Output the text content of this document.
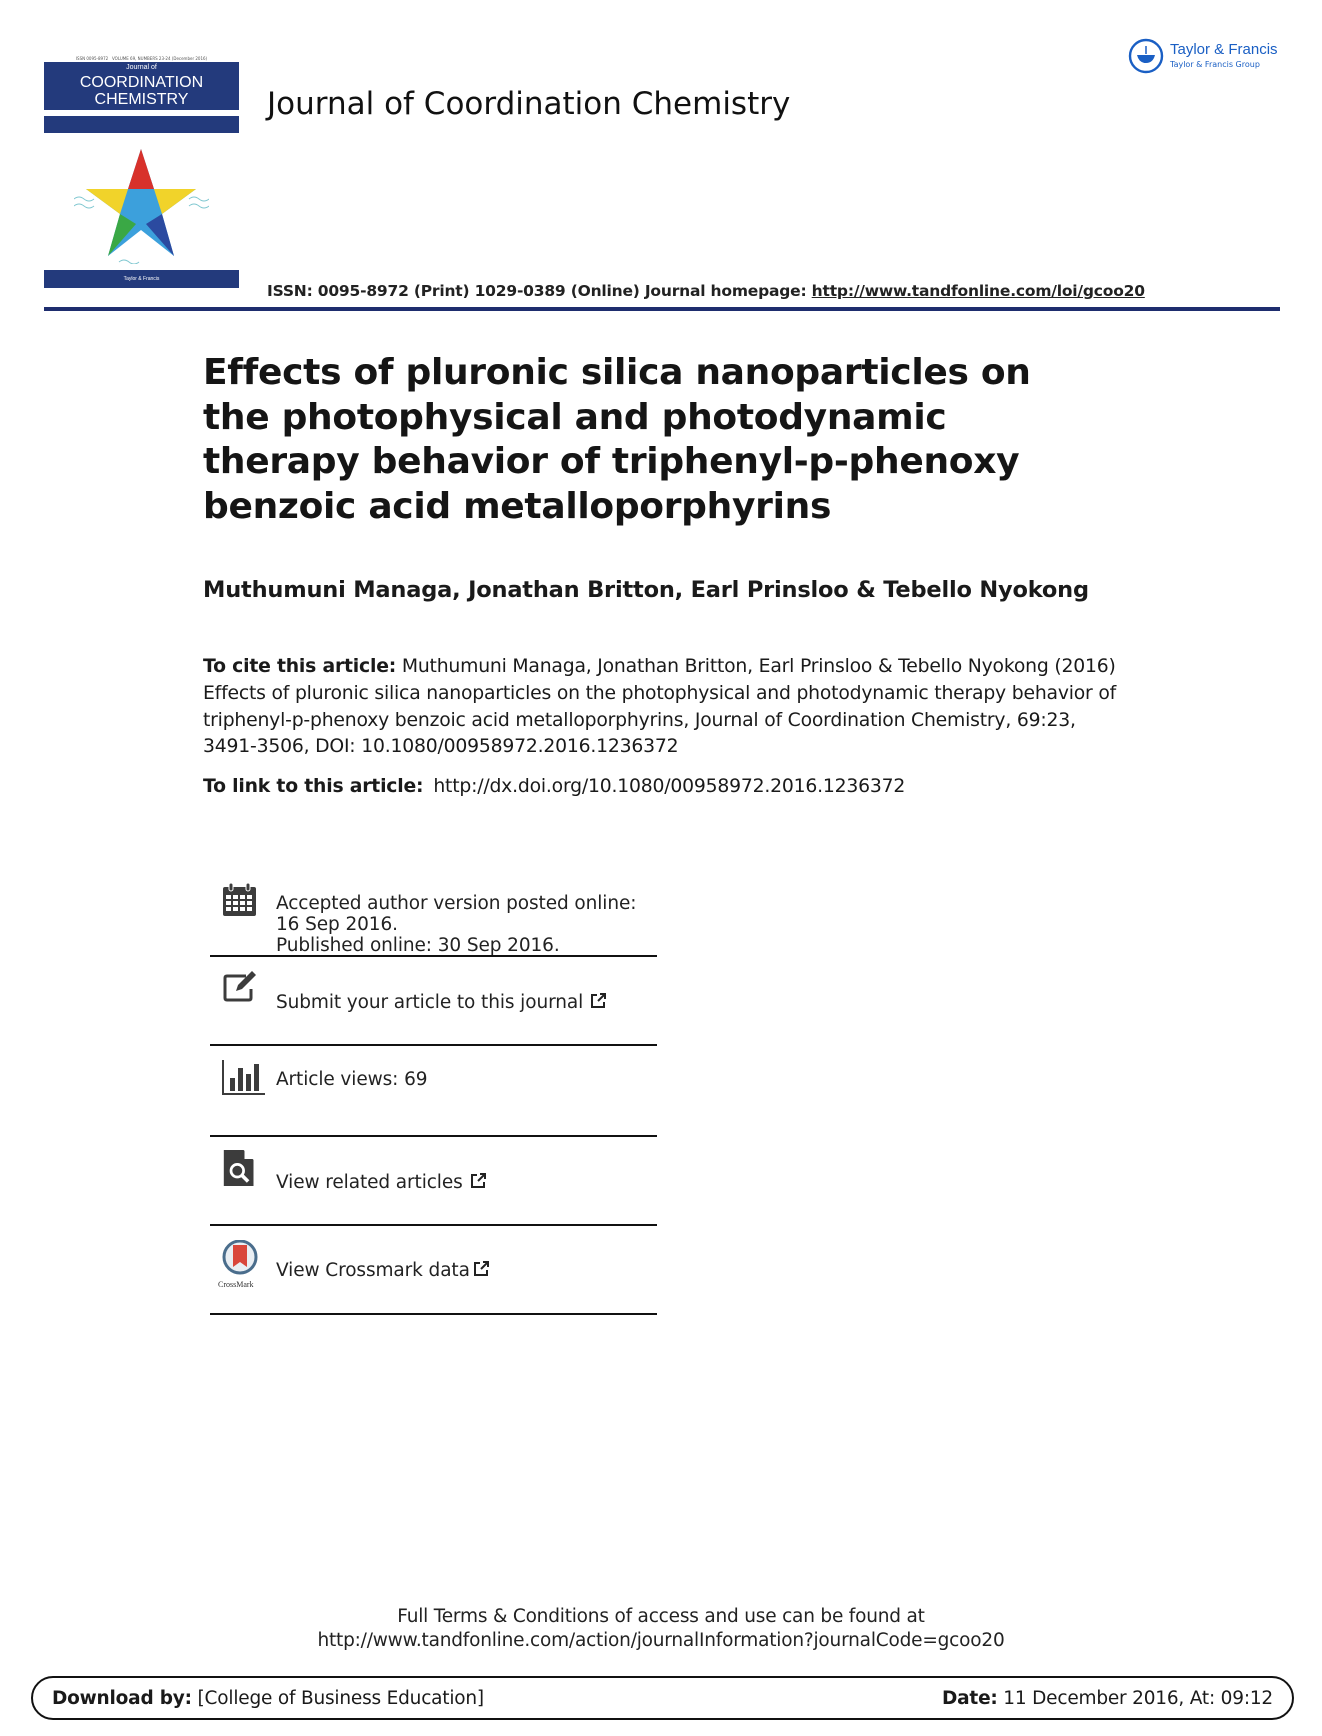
ISSN 0095-8972 VOLUME 69, NUMBERS 23-24 (December 2016)
Journal of
COORDINATION
CHEMISTRY
Taylor & Francis
Journal of Coordination Chemistry
Taylor & Francis
Taylor & Francis Group
ISSN: 0095-8972 (Print) 1029-0389 (Online) Journal homepage: http://www.tandfonline.com/loi/gcoo20
Effects of pluronic silica nanoparticles on the photophysical and photodynamic therapy behavior of triphenyl-p-phenoxy benzoic acid metalloporphyrins
Muthumuni Managa, Jonathan Britton, Earl Prinsloo & Tebello Nyokong
To cite this article: Muthumuni Managa, Jonathan Britton, Earl Prinsloo & Tebello Nyokong (2016) Effects of pluronic silica nanoparticles on the photophysical and photodynamic therapy behavior of triphenyl-p-phenoxy benzoic acid metalloporphyrins, Journal of Coordination Chemistry, 69:23, 3491-3506, DOI: 10.1080/00958972.2016.1236372
To link to this article: http://dx.doi.org/10.1080/00958972.2016.1236372
Accepted author version posted online: 16 Sep 2016.
Published online: 30 Sep 2016.
Submit your article to this journal
Article views: 69
View related articles
CrossMark
View Crossmark data
Full Terms & Conditions of access and use can be found at
http://www.tandfonline.com/action/journalInformation?journalCode=gcoo20
Download by: [College of Business Education]	Date: 11 December 2016, At: 09:12
